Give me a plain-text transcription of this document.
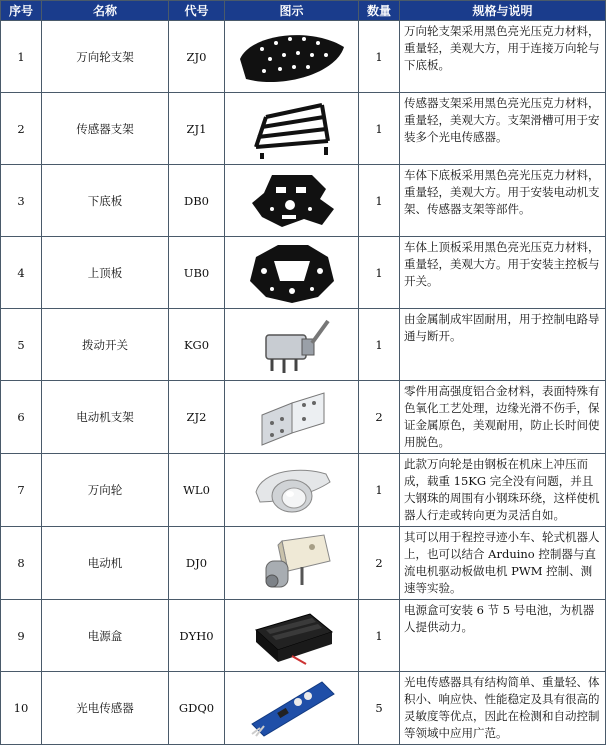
序号	名称	代号	图示	数量	规格与说明
1	万向轮支架	ZJ0		1	万向轮支架采用黑色亮光压克力材料，重量轻，美观大方，用于连接万向轮与下底板。
2	传感器支架	ZJ1		1	传感器支架采用黑色亮光压克力材料，重量轻，美观大方。支架滑槽可用于安装多个光电传感器。
3	下底板	DB0		1	车体下底板采用黑色亮光压克力材料，重量轻，美观大方。用于安装电动机支架、传感器支架等部件。
4	上顶板	UB0		1	车体上顶板采用黑色亮光压克力材料，重量轻，美观大方。用于安装主控板与开关。
5	拨动开关	KG0		1	由金属制成牢固耐用，用于控制电路导通与断开。
6	电动机支架	ZJ2		2	零件用高强度铝合金材料，表面特殊有色氧化工艺处理，边缘光滑不伤手，保证金属原色，美观耐用，防止长时间使用脱色。
7	万向轮	WL0		1	此款万向轮是由钢板在机床上冲压而成，载重 15KG 完全没有问题，并且大钢珠的周围有小钢珠环绕，这样使机器人行走或转向更为灵活自如。
8	电动机	DJ0		2	其可以用于程控寻迹小车、轮式机器人上，也可以结合 Arduino 控制器与直流电机驱动板做电机 PWM 控制、测速等实验。
9	电源盒	DYH0		1	电源盒可安装 6 节 5 号电池，为机器人提供动力。
10	光电传感器	GDQ0		5	光电传感器具有结构简单、重量轻、体积小、响应快、性能稳定及具有很高的灵敏度等优点，因此在检测和自动控制等领域中应用广范。
